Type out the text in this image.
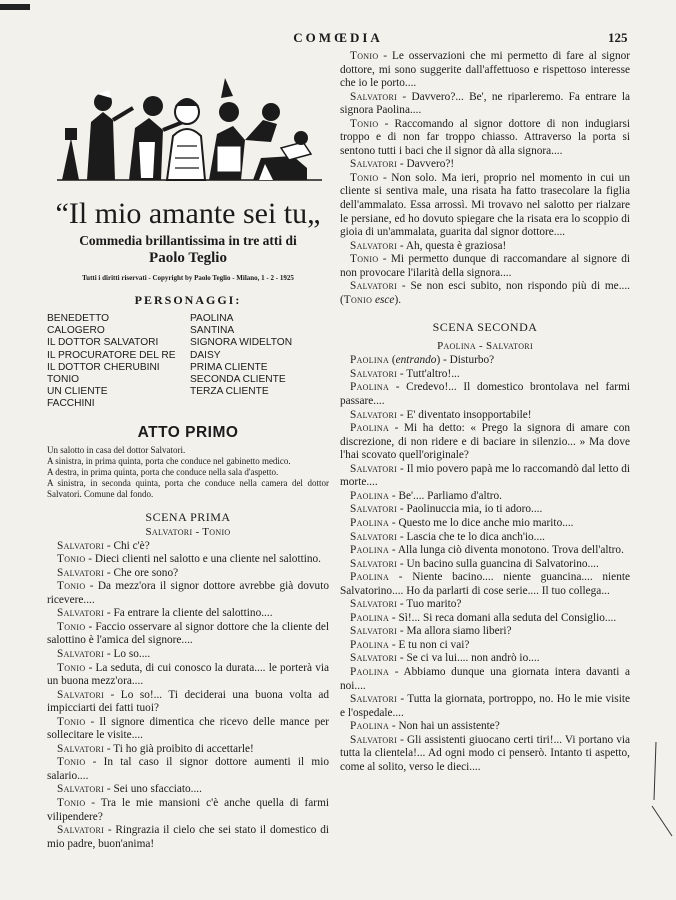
COMŒDIA	125
“Il mio amante sei tu„
Commedia brillantissima in tre atti di
Paolo Teglio
Tutti i diritti riservati - Copyright by Paolo Teglio - Milano, 1 - 2 - 1925
PERSONAGGI:
BENEDETTO
CALOGERO
IL DOTTOR SALVATORI
IL PROCURATORE DEL RE
IL DOTTOR CHERUBINI
TONIO
UN CLIENTE
FACCHINI
PAOLINA
SANTINA
SIGNORA WIDELTON
DAISY
PRIMA CLIENTE
SECONDA CLIENTE
TERZA CLIENTE
ATTO PRIMO

Un salotto in casa del dottor Salvatori.

A sinistra, in prima quinta, porta che conduce nel gabinetto medico.

A destra, in prima quinta, porta che conduce nella sala d'aspetto.

A sinistra, in seconda quinta, porta che conduce nella camera del dottor Salvatori. Comune dal fondo.

SCENA PRIMA
Salvatori - Tonio

Salvatori - Chi c'è?

Tonio - Dieci clienti nel salotto e una cliente nel salottino.

Salvatori - Che ore sono?

Tonio - Da mezz'ora il signor dottore avrebbe già dovuto ricevere....

Salvatori - Fa entrare la cliente del salottino....

Tonio - Faccio osservare al signor dottore che la cliente del salottino è l'amica del signore....

Salvatori - Lo so....

Tonio - La seduta, di cui conosco la durata.... le porterà via un buona mezz'ora....

Salvatori - Lo so!... Ti deciderai una buona volta ad impicciarti dei fatti tuoi?

Tonio - Il signore dimentica che ricevo delle mance per sollecitare le visite....

Salvatori - Ti ho già proibito di accettarle!

Tonio - In tal caso il signor dottore aumenti il mio salario....

Salvatori - Sei uno sfacciato....

Tonio - Tra le mie mansioni c'è anche quella di farmi vilipendere?

Salvatori - Ringrazia il cielo che sei stato il domestico di mio padre, buon'anima!

Tonio - Le osservazioni che mi permetto di fare al signor dottore, mi sono suggerite dall'affettuoso e rispettoso interesse che io le porto....

Salvatori - Davvero?... Be', ne riparleremo. Fa entrare la signora Paolina....

Tonio - Raccomando al signor dottore di non indugiarsi troppo e di non far troppo chiasso. Attraverso la porta si sentono tutti i baci che il signor dà alla signora....

Salvatori - Davvero?!

Tonio - Non solo. Ma ieri, proprio nel momento in cui un cliente si sentiva male, una risata ha fatto trasecolare la figlia dell'ammalato. Essa arrossì. Mi trovavo nel salotto per rialzare le persiane, ed ho dovuto spiegare che la risata era lo scoppio di gioia di un'ammalata, guarita dal signor dottore....

Salvatori - Ah, questa è graziosa!

Tonio - Mi permetto dunque di raccomandare al signore di non provocare l'ilarità della signora....

Salvatori - Se non esci subito, non rispondo più di me.... (Tonio esce).

SCENA SECONDA
Paolina - Salvatori

Paolina (entrando) - Disturbo?

Salvatori - Tutt'altro!...

Paolina - Credevo!... Il domestico brontolava nel farmi passare....

Salvatori - E' diventato insopportabile!

Paolina - Mi ha detto: « Prego la signora di amare con discrezione, di non ridere e di baciare in silenzio... » Ma dove l'hai scovato quell'originale?

Salvatori - Il mio povero papà me lo raccomandò dal letto di morte....

Paolina - Be'.... Parliamo d'altro.

Salvatori - Paolinuccia mia, io ti adoro....

Paolina - Questo me lo dice anche mio marito....

Salvatori - Lascia che te lo dica anch'io....

Paolina - Alla lunga ciò diventa monotono. Trova dell'altro.

Salvatori - Un bacino sulla guancina di Salvatorino....

Paolina - Niente bacino.... niente guancina.... niente Salvatorino.... Ho da parlarti di cose serie.... Il tuo collega...

Salvatori - Tuo marito?

Paolina - Sì!... Si reca domani alla seduta del Consiglio....

Salvatori - Ma allora siamo liberi?

Paolina - E tu non ci vai?

Salvatori - Se ci va lui.... non andrò io....

Paolina - Abbiamo dunque una giornata intera davanti a noi....

Salvatori - Tutta la giornata, portroppo, no. Ho le mie visite e l'ospedale....

Paolina - Non hai un assistente?

Salvatori - Gli assistenti giuocano certi tiri!... Vi portano via tutta la clientela!... Ad ogni modo ci penserò. Intanto ti aspetto, come al solito, verso le dieci....
